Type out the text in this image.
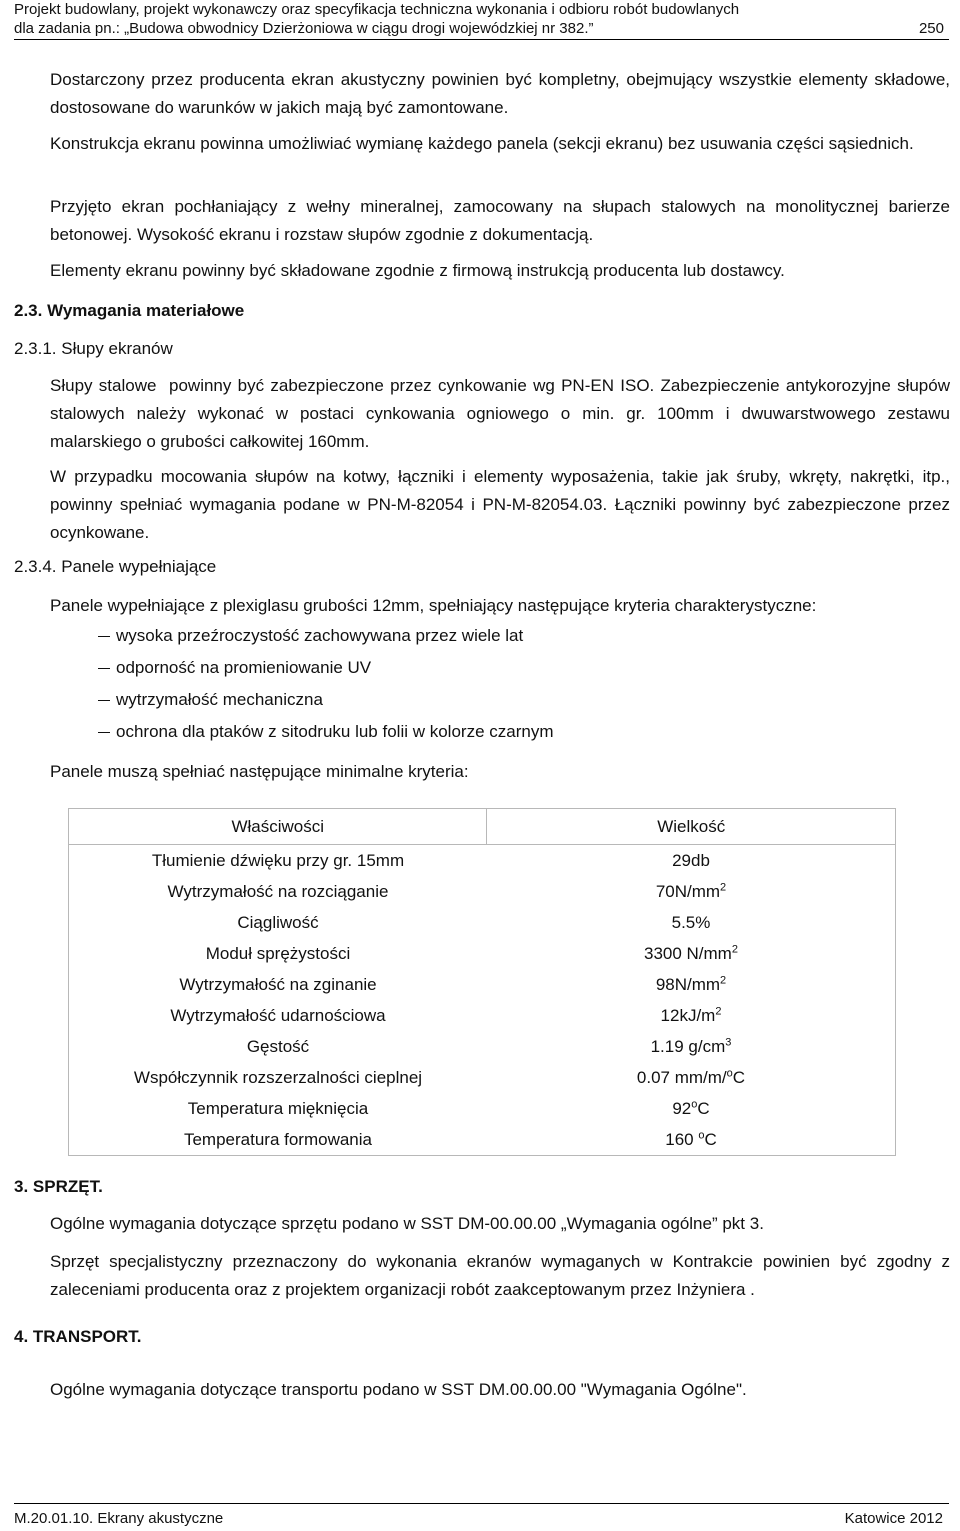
Projekt budowlany, projekt wykonawczy oraz specyfikacja techniczna wykonania i odbioru robót budowlanych
dla zadania pn.: „Budowa obwodnicy Dzierżoniowa w ciągu drogi wojewódzkiej nr 382.”	250
Dostarczony przez producenta ekran akustyczny powinien być kompletny, obejmujący wszystkie elementy składowe, dostosowane do warunków w jakich mają być zamontowane.
Konstrukcja ekranu powinna umożliwiać wymianę każdego panela (sekcji ekranu) bez usuwania części sąsiednich.
Przyjęto ekran pochłaniający z wełny mineralnej, zamocowany na słupach stalowych na monolitycznej barierze betonowej. Wysokość ekranu i rozstaw słupów zgodnie z dokumentacją.
Elementy ekranu powinny być składowane zgodnie z firmową instrukcją producenta lub dostawcy.
2.3. Wymagania materiałowe
2.3.1. Słupy ekranów
Słupy stalowe  powinny być zabezpieczone przez cynkowanie wg PN-EN ISO. Zabezpieczenie antykorozyjne słupów stalowych należy wykonać w postaci cynkowania ogniowego o min. gr. 100mm i dwuwarstwowego zestawu malarskiego o grubości całkowitej 160mm.
W przypadku mocowania słupów na kotwy, łączniki i elementy wyposażenia, takie jak śruby, wkręty, nakrętki, itp., powinny spełniać wymagania podane w PN-M-82054 i PN-M-82054.03. Łączniki powinny być zabezpieczone przez ocynkowane.
2.3.4. Panele wypełniające
Panele wypełniające z plexiglasu grubości 12mm, spełniający następujące kryteria charakterystyczne:
wysoka przeźroczystość zachowywana przez wiele lat
odporność na promieniowanie UV
wytrzymałość mechaniczna
ochrona dla ptaków z sitodruku lub folii w kolorze czarnym
Panele muszą spełniać następujące minimalne kryteria:
Właściwości	Wielkość
Tłumienie dźwięku przy gr. 15mm	29db
Wytrzymałość na rozciąganie	$70N/mm^2$
Ciągliwość	5.5%
Moduł sprężystości	3300 $N/mm^2$
Wytrzymałość na zginanie	$98N/mm^2$
Wytrzymałość udarnościowa	$12kJ/m^2$
Gęstość	1.19 $g/cm^3$
Współczynnik rozszerzalności cieplnej	0.07 mm/m/$^o$C
Temperatura mięknięcia	92$^o$C
Temperatura formowania	160 $^o$C
3. SPRZĘT.
Ogólne wymagania dotyczące sprzętu podano w SST DM-00.00.00 „Wymagania ogólne” pkt 3.
Sprzęt specjalistyczny przeznaczony do wykonania ekranów wymaganych w Kontrakcie powinien być zgodny z zaleceniami producenta oraz z projektem organizacji robót zaakceptowanym przez Inżyniera .
4. TRANSPORT.
Ogólne wymagania dotyczące transportu podano w SST DM.00.00.00 "Wymagania Ogólne".
M.20.01.10. Ekrany akustyczne	Katowice 2012
